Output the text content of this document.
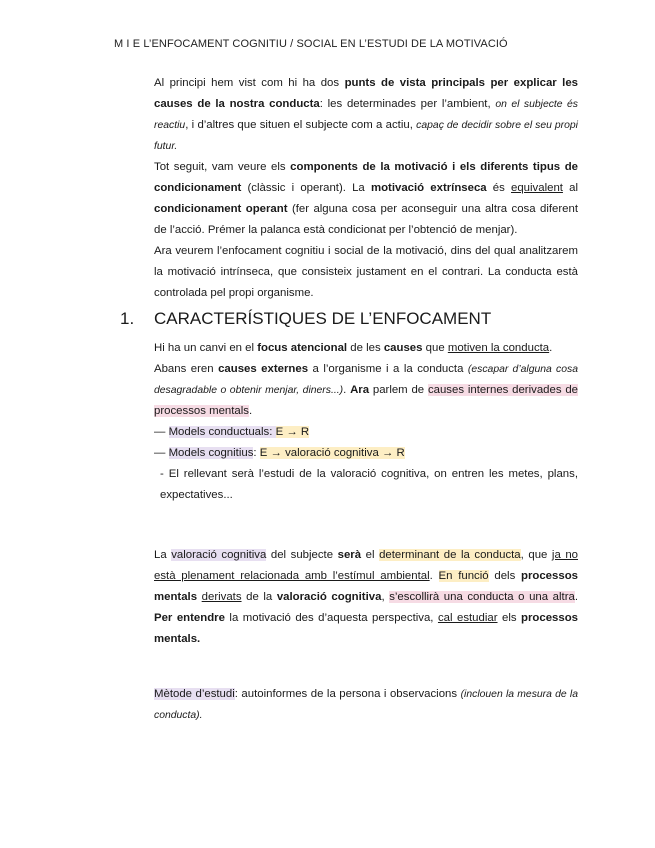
M I E L’ENFOCAMENT COGNITIU / SOCIAL EN L’ESTUDI DE LA MOTIVACIÓ

Al principi hem vist com hi ha dos punts de vista principals per explicar les causes de la nostra conducta: les determinades per l’ambient, on el subjecte és reactiu, i d’altres que situen el subjecte com a actiu, capaç de decidir sobre el seu propi futur.

Tot seguit, vam veure els components de la motivació i els diferents tipus de condicionament (clàssic i operant). La motivació extrínseca és equivalent al condicionament operant (fer alguna cosa per aconseguir una altra cosa diferent de l’acció. Prémer la palanca està condicionat per l’obtenció de menjar).

Ara veurem l’enfocament cognitiu i social de la motivació, dins del qual analitzarem la motivació intrínseca, que consisteix justament en el contrari. La conducta està controlada pel propi organisme.

1. CARACTERÍSTIQUES DE L’ENFOCAMENT

Hi ha un canvi en el focus atencional de les causes que motiven la conducta.

Abans eren causes externes a l’organisme i a la conducta (escapar d’alguna cosa desagradable o obtenir menjar, diners...). Ara parlem de causes internes derivades de processos mentals.

— Models conductuals: E → R

— Models cognitius: E → valoració cognitiva → R

- El rellevant serà l’estudi de la valoració cognitiva, on entren les metes, plans, expectatives...

La valoració cognitiva del subjecte serà el determinant de la conducta, que ja no està plenament relacionada amb l’estímul ambiental. En funció dels processos mentals derivats de la valoració cognitiva, s’escollirà una conducta o una altra. Per entendre la motivació des d’aquesta perspectiva, cal estudiar els processos mentals.

Mètode d’estudi: autoinformes de la persona i observacions (inclouen la mesura de la conducta).
